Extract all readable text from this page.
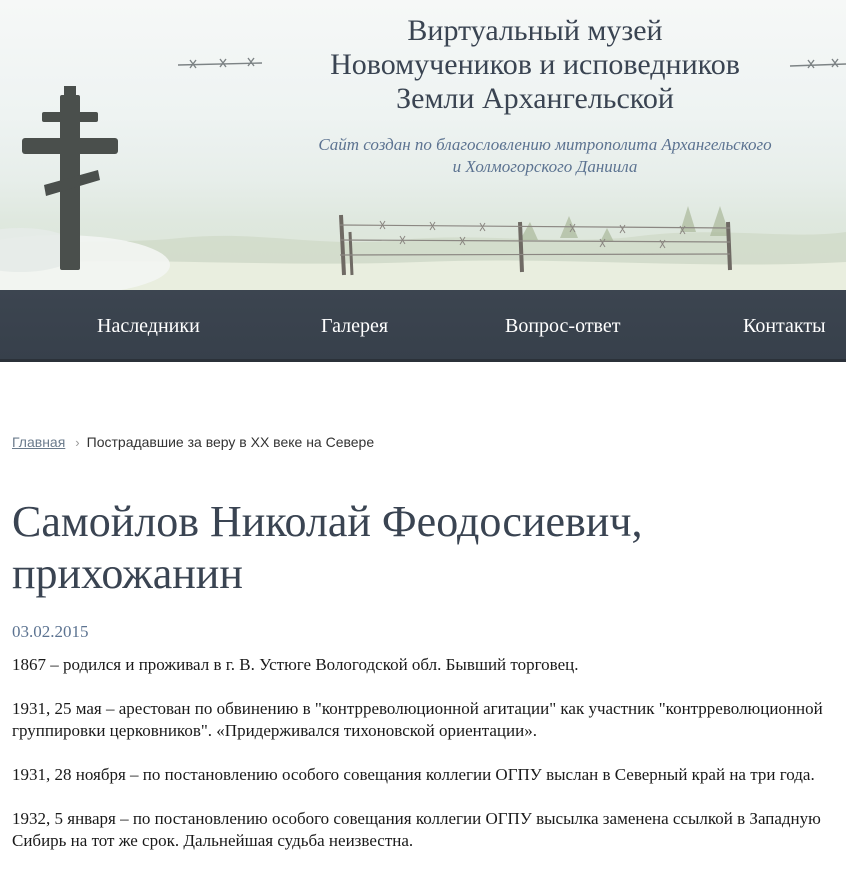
Виртуальный музей
Новомучеников и исповедников
Земли Архангельской

Сайт создан по благословлению митрополита Архангельского
и Холмогорского Даниила

Наследники	Галерея	Вопрос-ответ	Контакты
Главная › Пострадавшие за веру в XX веке на Севере
Самойлов Николай Феодосиевич,
прихожанин
03.02.2015

1867 – родился и проживал в г. В. Устюге Вологодской обл. Бывший торговец.

1931, 25 мая – арестован по обвинению в "контрреволюционной агитации" как участник "контрреволюционной группировки церковников". «Придерживался тихоновской ориентации».

1931, 28 ноября – по постановлению особого совещания коллегии ОГПУ выслан в Северный край на три года.

1932, 5 января – по постановлению особого совещания коллегии ОГПУ высылка заменена ссылкой в Западную Сибирь на тот же срок. Дальнейшая судьба неизвестна.
